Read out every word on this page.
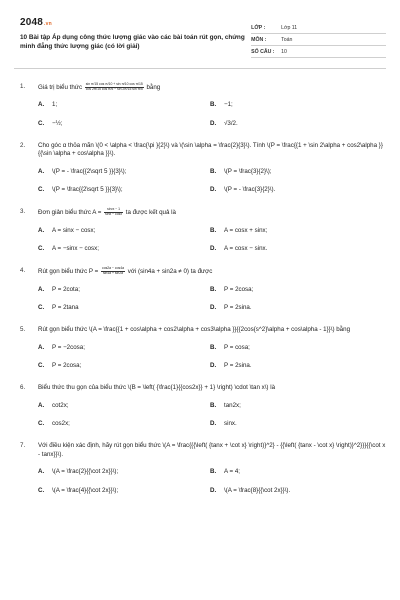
2048.vn
10 Bài tập Áp dụng công thức lượng giác vào các bài toán rút gọn, chứng minh đẳng thức lượng giác (có lời giải)
LỚP :	Lớp 11
MÔN :	Toán
SỐ CÂU :	10
1.	Giá trị biểu thức $\frac{\text{sin π/15 cos π/10 + sin π/10 cos π/15}}{\text{cos 2π/15 cos π/5 − sin 2π/15 sin π/5}}$ bằng
A.	1;	B.	−1;
C.	−½;	D.	√3/2.
2.	Cho góc α thỏa mãn \(0 < \alpha < \frac{\pi }{2}\) và \(\sin \alpha = \frac{2}{3}\). Tính \(P = \frac{{1 + \sin 2\alpha + cos2\alpha }}{{\sin \alpha + cos\alpha }}\).
A.	\(P = - \frac{{2\sqrt 5 }}{3}\);	B.	\(P = \frac{3}{2}\);
C.	\(P = \frac{{2\sqrt 5 }}{3}\);	D.	\(P = - \frac{3}{2}\).
3.	Đơn giản biểu thức $A = \frac{\text{sin²x − 1}}{\sin x - \cos x}$ ta được kết quả là
A.	A = sinx − cosx;	B.	A = cosx + sinx;
C.	A = −sinx − cosx;	D.	A = cosx − sinx.
4.	Rút gọn biểu thức $P = \frac{\cos 2a - \cos 4a}{\sin 4a + \sin 2a}$ với (sin4a + sin2a ≠ 0) ta được
A.	P = 2cota;	B.	P = 2cosa;
C.	P = 2tana	D.	P = 2sina.
5.	Rút gọn biểu thức \(A = \frac{{1 + cos\alpha + cos2\alpha + cos3\alpha }}{{2cos{s^2}\alpha + cos\alpha - 1}}\) bằng
A.	P = −2cosa;	B.	P = cosa;
C.	P = 2cosa;	D.	P = 2sina.
6.	Biểu thức thu gọn của biểu thức \(B = \left( {\frac{1}{{cos2x}} + 1} \right) \cdot \tan x\) là
A.	cot2x;	B.	tan2x;
C.	cos2x;	D.	sinx.
7.	Với điều kiện xác định, hãy rút gọn biểu thức \(A = \frac{{{\left( {tanx + \cot x} \right)}^2} - {{\left( {tanx - \cot x} \right)}^2}}}{{\cot x - tanx}}\).
A.	\(A = \frac{2}{{\cot 2x}}\);	B.	A = 4;
C.	\(A = \frac{4}{{\cot 2x}}\);	D.	\(A = \frac{8}{{\cot 2x}}\).
